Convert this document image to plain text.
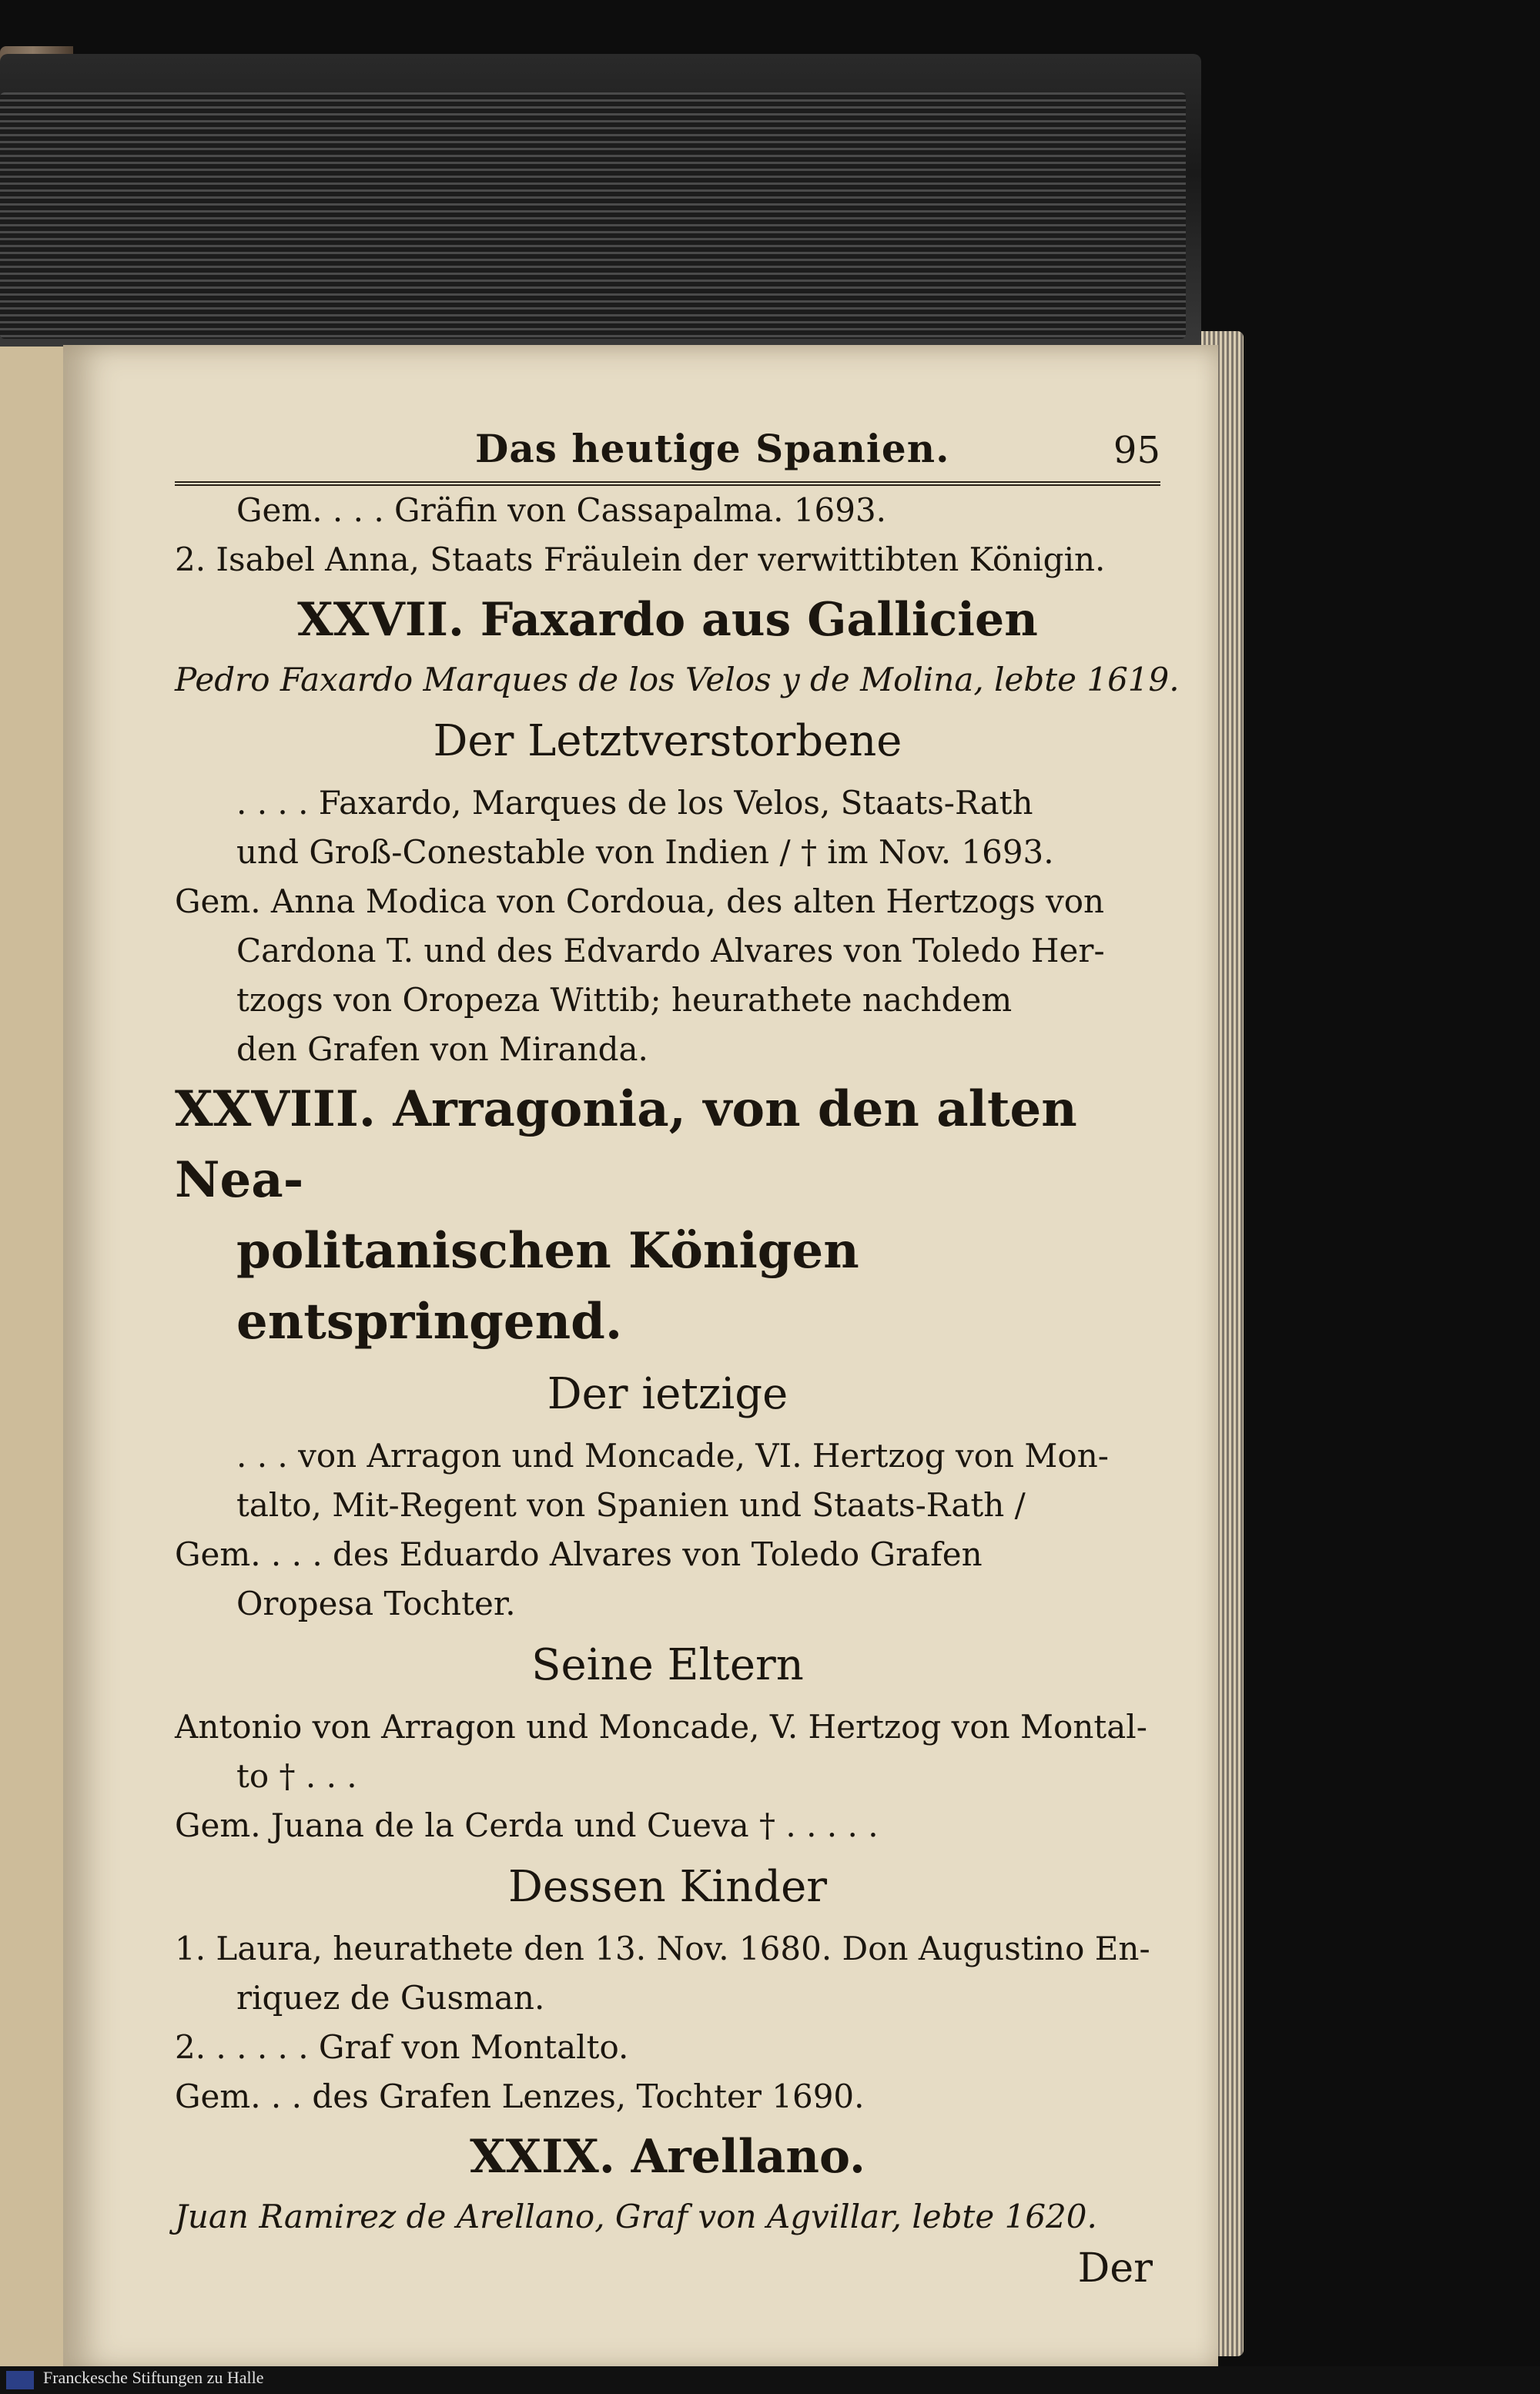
Das heutige Spanien.	95
Gem. . . . Gräfin von Cassapalma. 1693.
2. Isabel Anna, Staats Fräulein der verwittibten Königin.
XXVII. Faxardo aus Gallicien
Pedro Faxardo Marques de los Velos y de Molina, lebte 1619.
Der Letztverstorbene
. . . . Faxardo, Marques de los Velos, Staats-Rath
und Groß-Conestable von Indien / † im Nov. 1693.
Gem. Anna Modica von Cordoua, des alten Hertzogs von
Cardona T. und des Edvardo Alvares von Toledo Her-
tzogs von Oropeza Wittib; heurathete nachdem
den Grafen von Miranda.
XXVIII. Arragonia, von den alten Nea-
politanischen Königen entspringend.
Der ietzige
. . . von Arragon und Moncade, VI. Hertzog von Mon-
talto, Mit-Regent von Spanien und Staats-Rath /
Gem. . . . des Eduardo Alvares von Toledo Grafen
Oropesa Tochter.
Seine Eltern
Antonio von Arragon und Moncade, V. Hertzog von Montal-
to † . . .
Gem. Juana de la Cerda und Cueva † . . . . .
Dessen Kinder
1. Laura, heurathete den 13. Nov. 1680. Don Augustino En-
riquez de Gusman.
2. . . . . . Graf von Montalto.
Gem. . . des Grafen Lenzes, Tochter 1690.
XXIX. Arellano.
Juan Ramirez de Arellano, Graf von Agvillar, lebte 1620.
Der
Franckesche Stiftungen zu Halle
